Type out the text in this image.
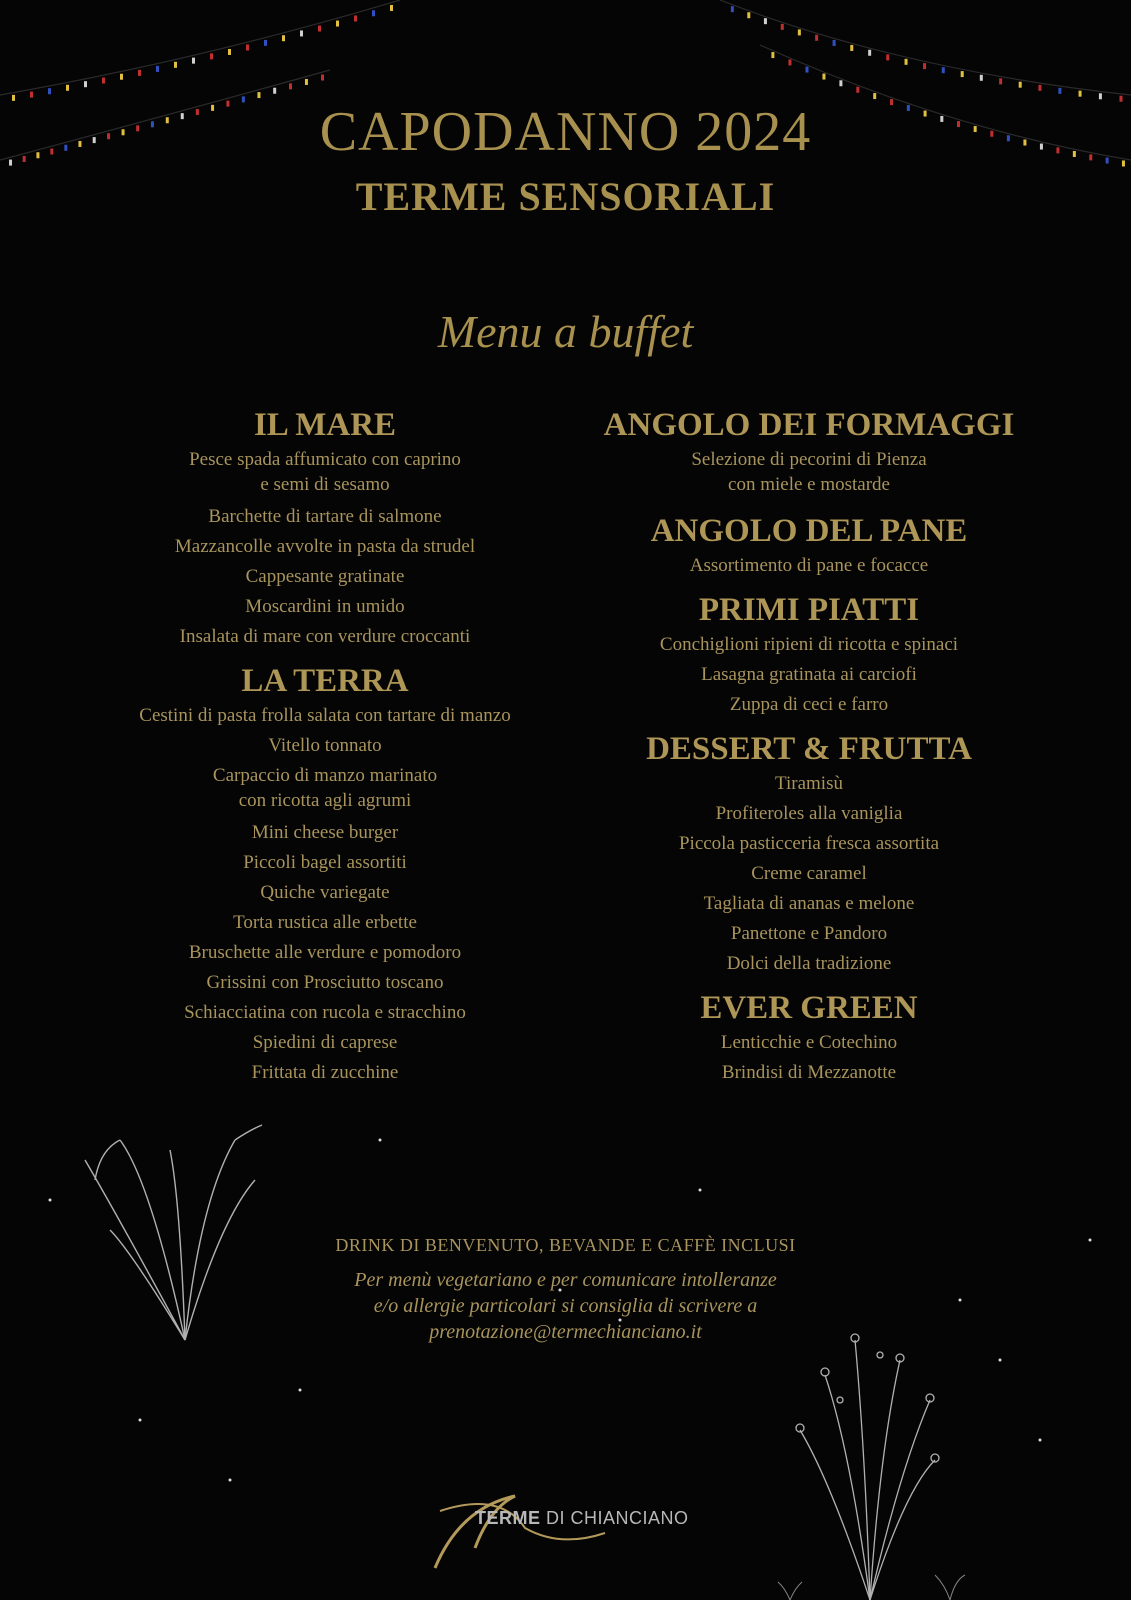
CAPODANNO 2024
TERME SENSORIALI
Menu a buffet
IL MARE
Pesce spada affumicato con caprino
e semi di sesamo
Barchette di tartare di salmone
Mazzancolle avvolte in pasta da strudel
Cappesante gratinate
Moscardini in umido
Insalata di mare con verdure croccanti
LA TERRA
Cestini di pasta frolla salata con tartare di manzo
Vitello tonnato
Carpaccio di manzo marinato
con ricotta agli agrumi
Mini cheese burger
Piccoli bagel assortiti
Quiche variegate
Torta rustica alle erbette
Bruschette alle verdure e pomodoro
Grissini con Prosciutto toscano
Schiacciatina con rucola e stracchino
Spiedini di caprese
Frittata di zucchine
ANGOLO DEI FORMAGGI
Selezione di pecorini di Pienza
con miele e mostarde
ANGOLO DEL PANE
Assortimento di pane e focacce
PRIMI PIATTI
Conchiglioni ripieni di ricotta e spinaci
Lasagna gratinata ai carciofi
Zuppa di ceci e farro
DESSERT & FRUTTA
Tiramisù
Profiteroles alla vaniglia
Piccola pasticceria fresca assortita
Creme caramel
Tagliata di ananas e melone
Panettone e Pandoro
Dolci della tradizione
EVER GREEN
Lenticchie e Cotechino
Brindisi di Mezzanotte
DRINK DI BENVENUTO, BEVANDE E CAFFÈ INCLUSI
Per menù vegetariano e per comunicare intolleranze
e/o allergie particolari si consiglia di scrivere a
prenotazione@termechianciano.it
TERME DI CHIANCIANO
